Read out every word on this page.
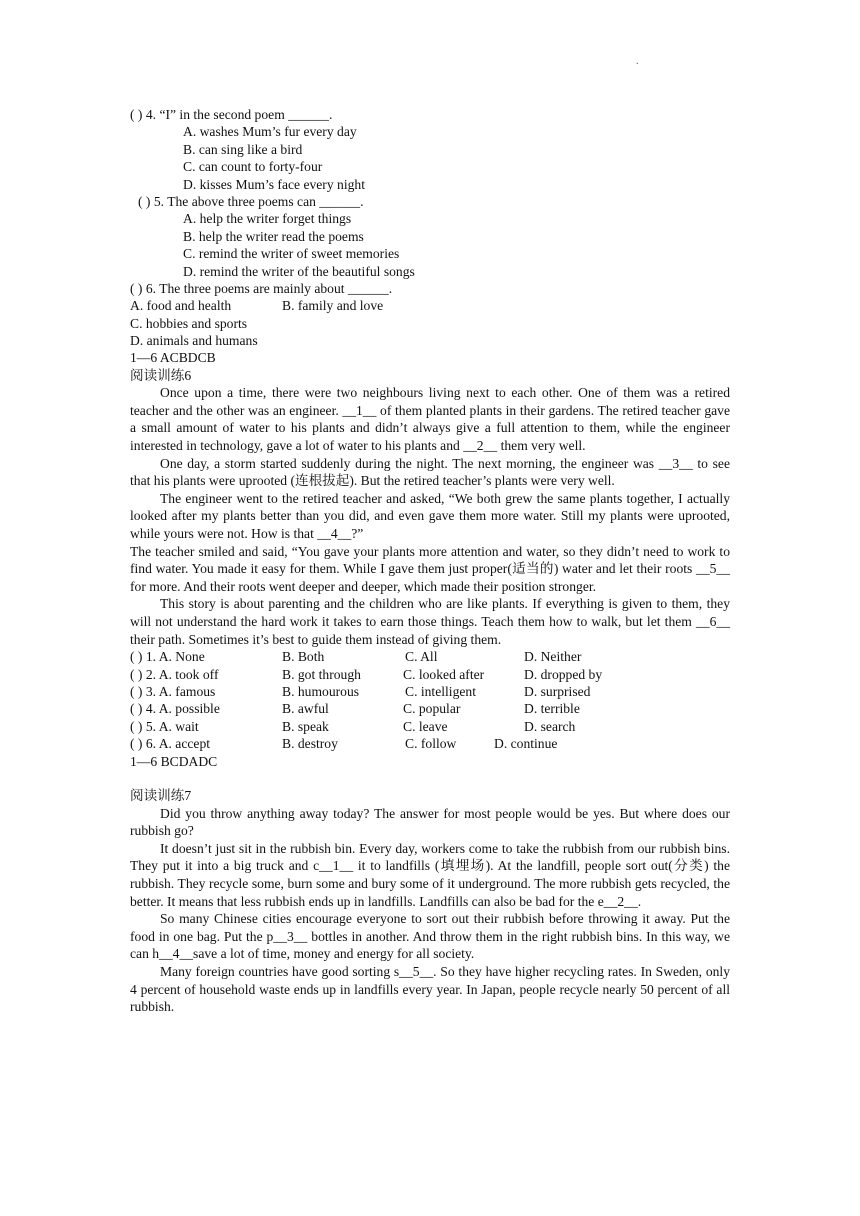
.
( ) 4. “I” in the second poem ______.
A. washes Mum’s fur every day
B. can sing like a bird
C. can count to forty-four
D. kisses Mum’s face every night
( ) 5. The above three poems can ______.
A. help the writer forget things
B. help the writer read the poems
C. remind the writer of sweet memories
D. remind the writer of the beautiful songs
( ) 6. The three poems are mainly about ______.
A. food and health	B. family and love
C. hobbies and sports
D. animals and humans
1—6 ACBDCB
阅读训练6

Once upon a time, there were two neighbours living next to each other. One of them was a retired teacher and the other was an engineer. __1__ of them planted plants in their gardens. The retired teacher gave a small amount of water to his plants and didn’t always give a full attention to them, while the engineer interested in technology, gave a lot of water to his plants and __2__ them very well.

One day, a storm started suddenly during the night. The next morning, the engineer was __3__ to see that his plants were uprooted (连根拔起). But the retired teacher’s plants were very well.

The engineer went to the retired teacher and asked, “We both grew the same plants together, I actually looked after my plants better than you did, and even gave them more water. Still my plants were uprooted, while yours were not. How is that __4__?”

The teacher smiled and said, “You gave your plants more attention and water, so they didn’t need to work to find water. You made it easy for them. While I gave them just proper(适当的) water and let their roots __5__ for more. And their roots went deeper and deeper, which made their position stronger.

This story is about parenting and the children who are like plants. If everything is given to them, they will not understand the hard work it takes to earn those things. Teach them how to walk, but let them __6__ their path. Sometimes it’s best to guide them instead of giving them.

( ) 1. A. None	B. Both	C. All	D. Neither
( ) 2. A. took off	B. got through	C. looked after	D. dropped by
( ) 3. A. famous	B. humourous	C. intelligent	D. surprised
( ) 4. A. possible	B. awful	C. popular	D. terrible
( ) 5. A. wait	B. speak	C. leave	D. search
( ) 6. A. accept	B. destroy	C. follow	D. continue
1—6 BCDADC
阅读训练7

Did you throw anything away today? The answer for most people would be yes. But where does our rubbish go?

It doesn’t just sit in the rubbish bin. Every day, workers come to take the rubbish from our rubbish bins. They put it into a big truck and c__1__ it to landfills (填埋场). At the landfill, people sort out(分类) the rubbish. They recycle some, burn some and bury some of it underground. The more rubbish gets recycled, the better. It means that less rubbish ends up in landfills. Landfills can also be bad for the e__2__.

So many Chinese cities encourage everyone to sort out their rubbish before throwing it away. Put the food in one bag. Put the p__3__ bottles in another. And throw them in the right rubbish bins. In this way, we can h__4__save a lot of time, money and energy for all society.

Many foreign countries have good sorting s__5__. So they have higher recycling rates. In Sweden, only 4 percent of household waste ends up in landfills every year. In Japan, people recycle nearly 50 percent of all rubbish.
